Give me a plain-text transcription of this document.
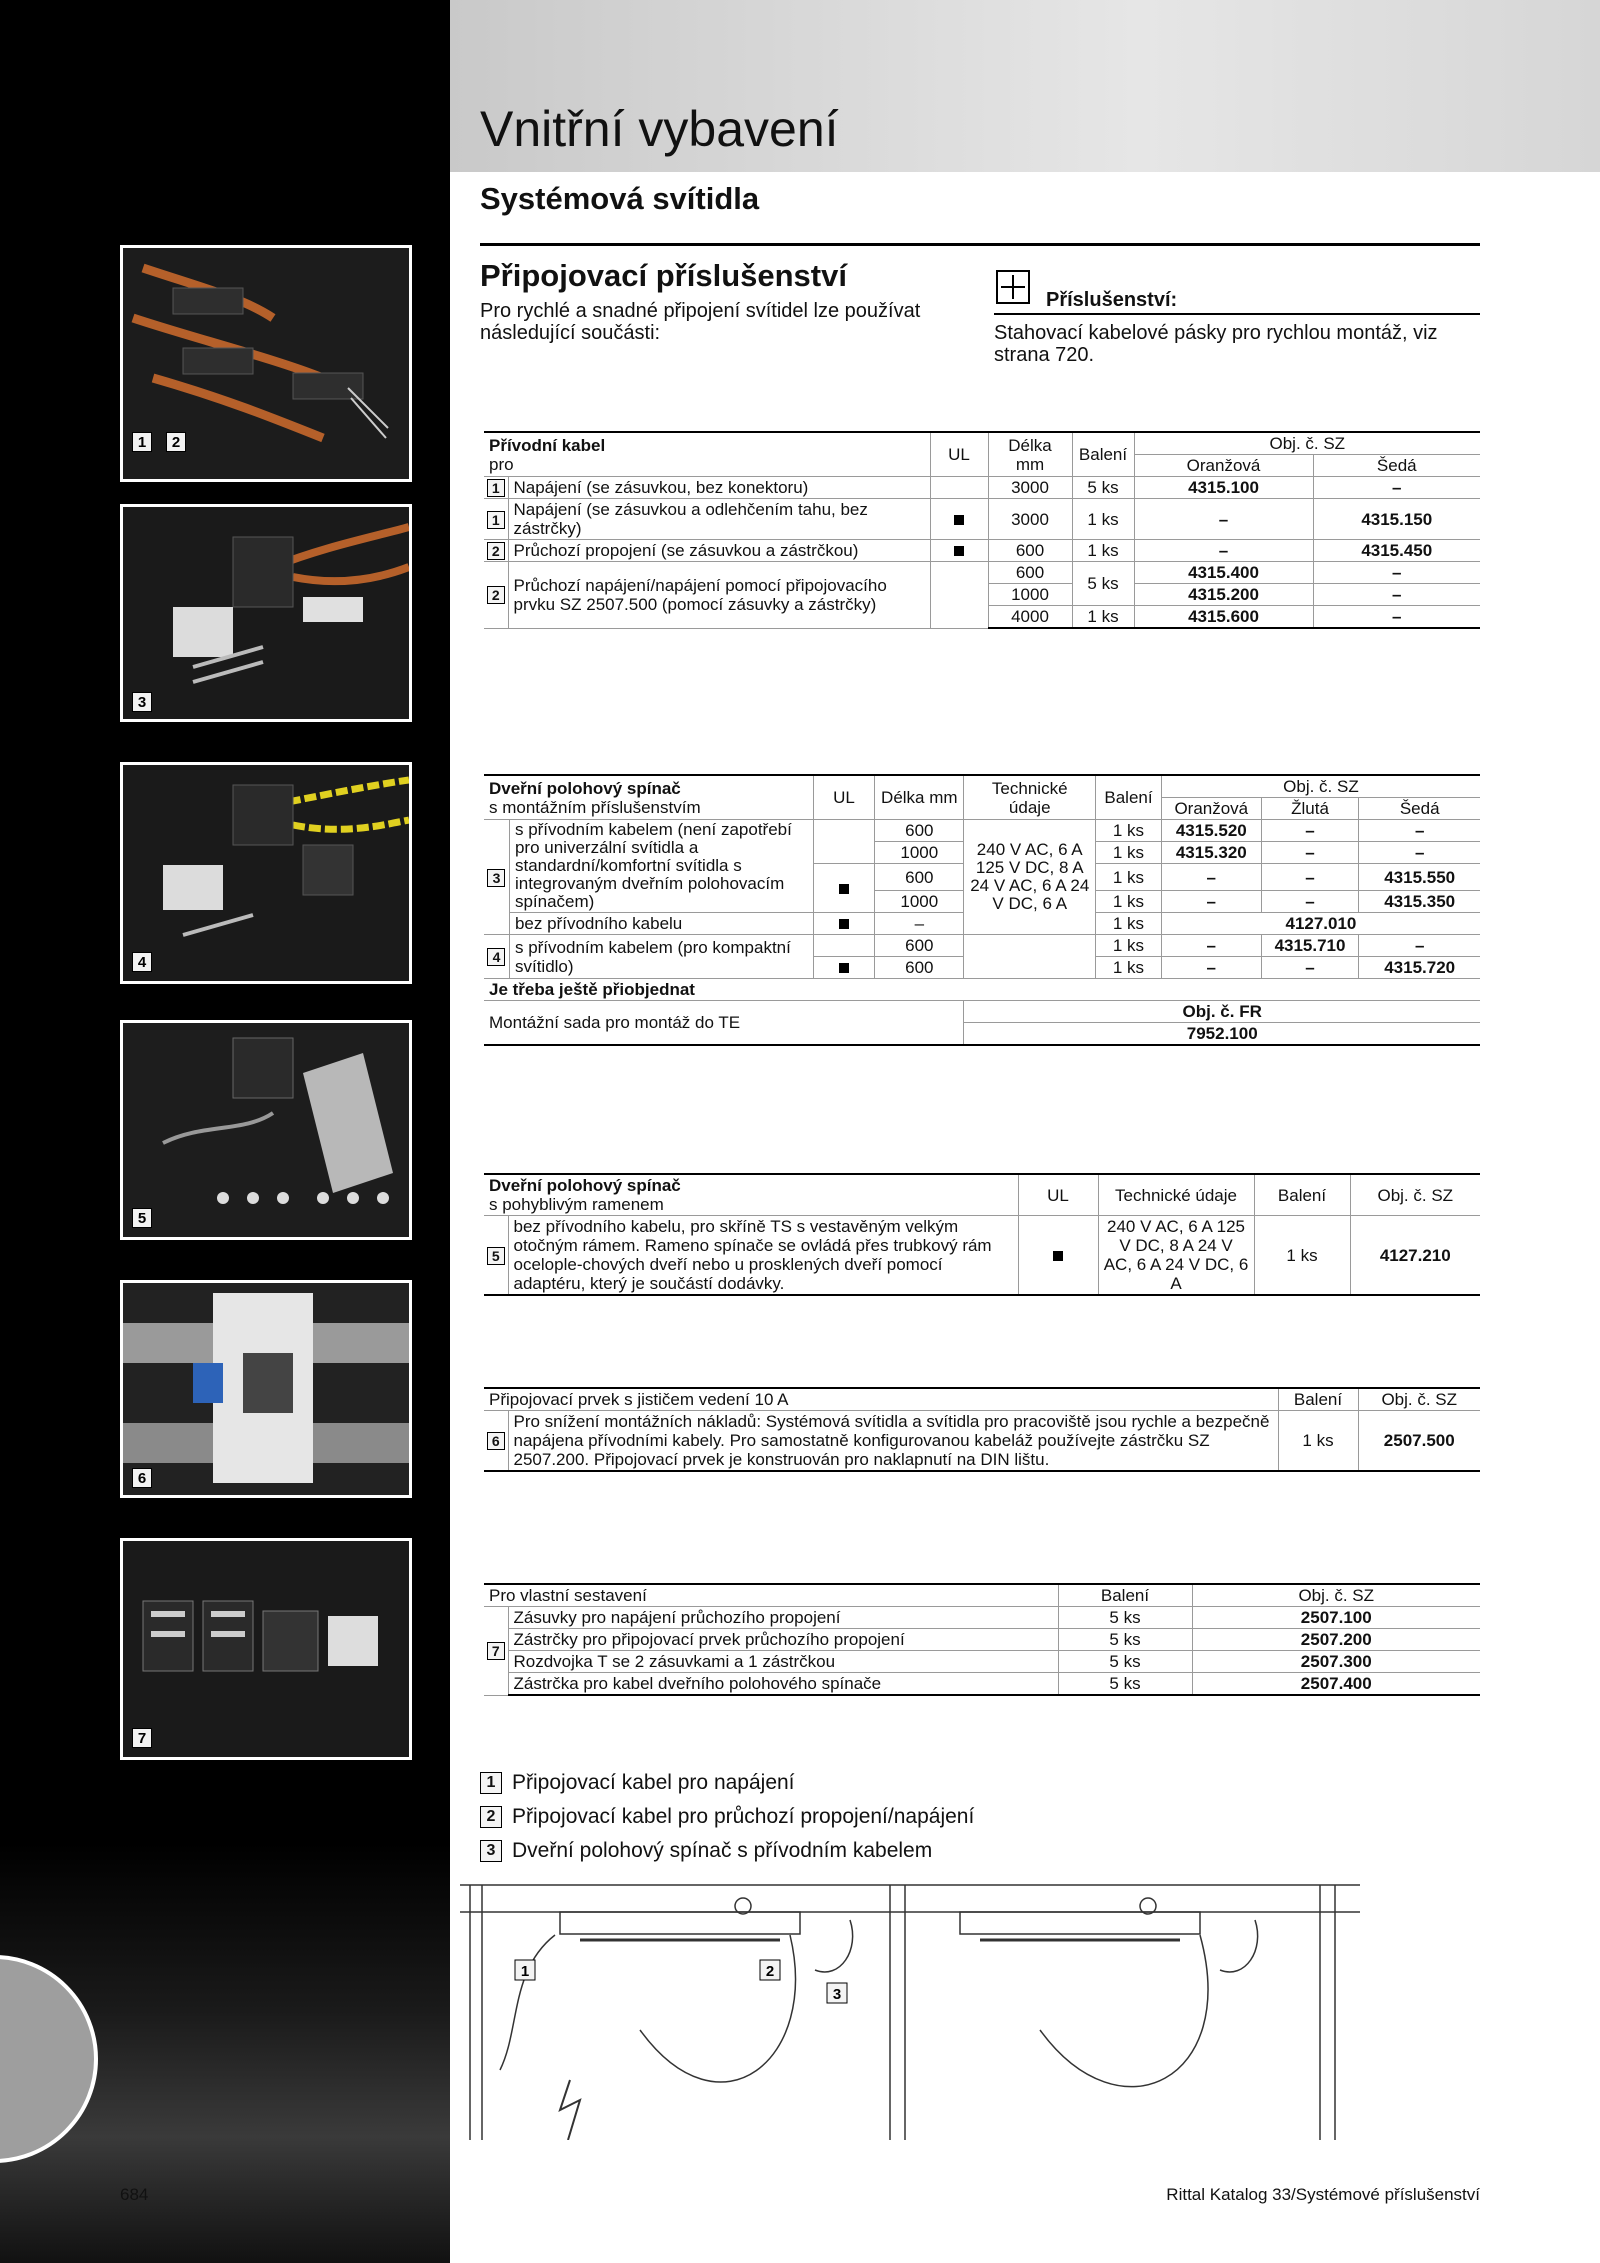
1	2
3
4
5
6
7
Vnitřní vybavení
Systémová svítidla
Připojovací příslušenství
Pro rychlé a snadné připojení svítidel lze používat následující součásti:
Příslušenství:
Stahovací kabelové pásky pro rychlou montáž, viz strana 720.
Přívodní kabel
pro		UL	Délka mm	Balení	Obj. č. SZ	
					Oranžová	Šedá
1	Napájení (se zásuvkou, bez konektoru)		3000	5 ks	4315.100	–
1	Napájení (se zásuvkou a odlehčením tahu, bez zástrčky)		3000	1 ks	–	4315.150
2	Průchozí propojení (se zásuvkou a zástrčkou)		600	1 ks	–	4315.450
2	Průchozí napájení/napájení pomocí připojovacího prvku SZ 2507.500 (pomocí zásuvky a zástrčky)		600	5 ks	4315.400	–
			1000		4315.200	–
			4000	1 ks	4315.600	–
Dveřní polohový spínač
s montážním příslušenstvím		UL	Délka mm	Technické údaje	Balení	Obj. č. SZ		
						Oranžová	Žlutá	Šedá
3	s přívodním kabelem (není zapotřebí pro univerzální svítidla a standardní/komfortní svítidla s integrovaným dveřním polohovacím spínačem)		600	240 V AC, 6 A 125 V DC, 8 A 24 V AC, 6 A 24 V DC, 6 A	1 ks	4315.520	–	–
			1000		1 ks	4315.320	–	–
			600		1 ks	–	–	4315.550
			1000		1 ks	–	–	4315.350
	bez přívodního kabelu		–		1 ks	4127.010		
4	s přívodním kabelem (pro kompaktní svítidlo)		600		1 ks	–	4315.710	–
			600		1 ks	–	–	4315.720
Je třeba ještě přiobjednat								
Montážní sada pro montáž do TE				Obj. č. FR				
				7952.100				
Dveřní polohový spínač
s pohyblivým ramenem		UL	Technické údaje	Balení	Obj. č. SZ
5	bez přívodního kabelu, pro skříně TS s vestavěným velkým otočným rámem. Rameno spínače se ovládá přes trubkový rám ocelople-chových dveří nebo u prosklených dveří pomocí adaptéru, který je součástí dodávky.		240 V AC, 6 A 125 V DC, 8 A 24 V AC, 6 A 24 V DC, 6 A	1 ks	4127.210
Připojovací prvek s jističem vedení 10 A		Balení	Obj. č. SZ
6	Pro snížení montážních nákladů: Systémová svítidla a svítidla pro pracoviště jsou rychle a bezpečně napájena přívodními kabely. Pro samostatně konfigurovanou kabeláž používejte zástrčku SZ 2507.200. Připojovací prvek je konstruován pro naklapnutí na DIN lištu.	1 ks	2507.500
Pro vlastní sestavení		Balení	Obj. č. SZ
7	Zásuvky pro napájení průchozího propojení	5 ks	2507.100
	Zástrčky pro připojovací prvek průchozího propojení	5 ks	2507.200
	Rozdvojka T se 2 zásuvkami a 1 zástrčkou	5 ks	2507.300
	Zástrčka pro kabel dveřního polohového spínače	5 ks	2507.400
1 Připojovací kabel pro napájení
2 Připojovací kabel pro průchozí propojení/napájení
3 Dveřní polohový spínač s přívodním kabelem
1	2
3
684	Rittal Katalog 33/Systémové příslušenství
